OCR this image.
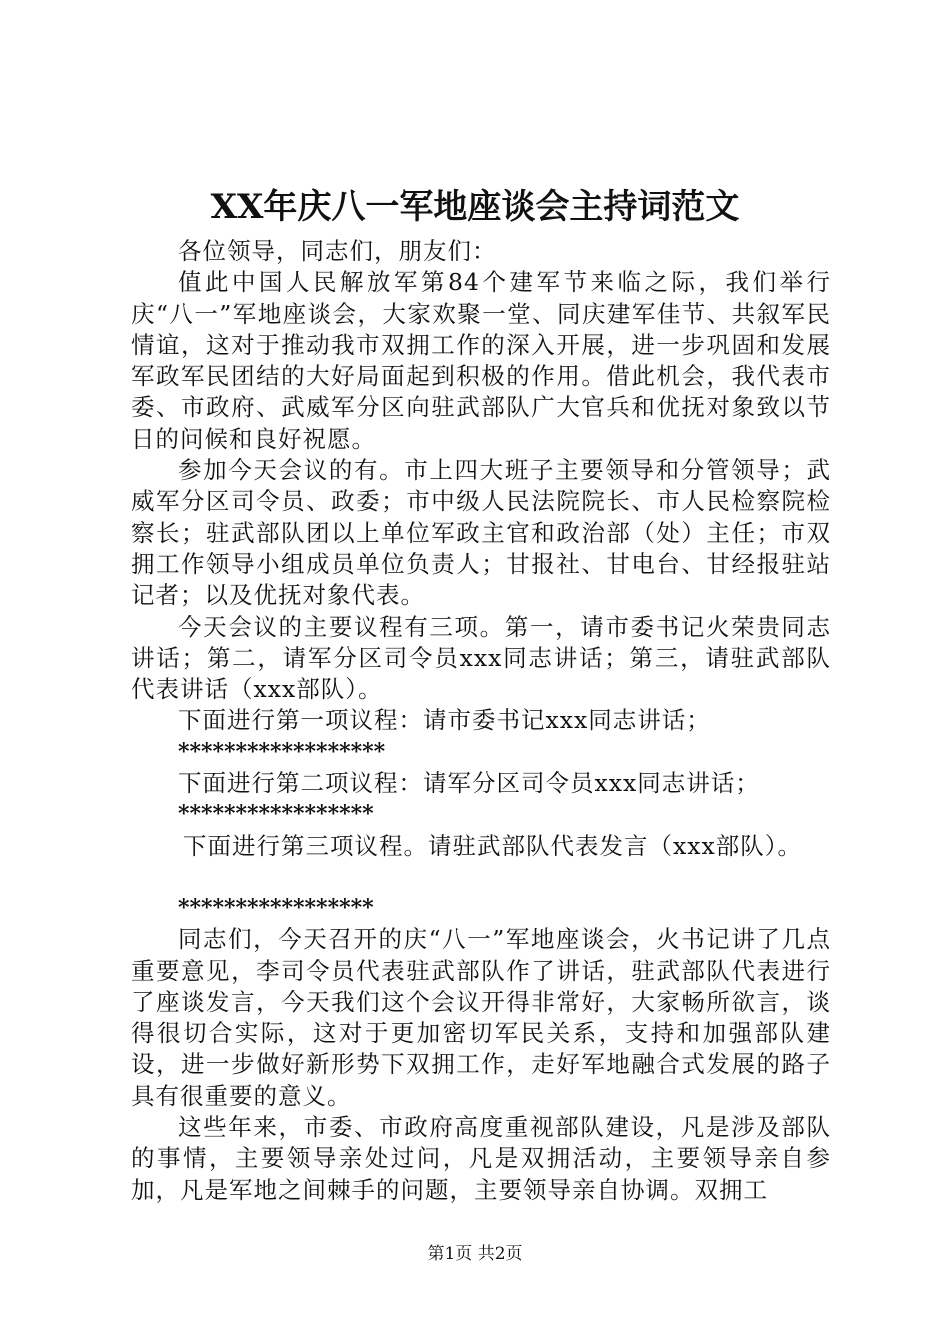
XX年庆八一军地座谈会主持词范文

各位领导，同志们，朋友们：

值此中国人民解放军第84个建军节来临之际，我们举行庆“八一”军地座谈会，大家欢聚一堂、同庆建军佳节、共叙军民情谊，这对于推动我市双拥工作的深入开展，进一步巩固和发展军政军民团结的大好局面起到积极的作用。借此机会，我代表市委、市政府、武威军分区向驻武部队广大官兵和优抚对象致以节日的问候和良好祝愿。

参加今天会议的有。市上四大班子主要领导和分管领导；武威军分区司令员、政委；市中级人民法院院长、市人民检察院检察长；驻武部队团以上单位军政主官和政治部（处）主任；市双拥工作领导小组成员单位负责人；甘报社、甘电台、甘经报驻站记者；以及优抚对象代表。

今天会议的主要议程有三项。第一，请市委书记火荣贵同志讲话；第二，请军分区司令员xxx同志讲话；第三，请驻武部队代表讲话（xxx部队）。

下面进行第一项议程：请市委书记xxx同志讲话；

******************

下面进行第二项议程：请军分区司令员xxx同志讲话；

*****************

下面进行第三项议程。请驻武部队代表发言（xxx部队）。

*****************

同志们，今天召开的庆“八一”军地座谈会，火书记讲了几点重要意见，李司令员代表驻武部队作了讲话，驻武部队代表进行了座谈发言，今天我们这个会议开得非常好，大家畅所欲言，谈得很切合实际，这对于更加密切军民关系，支持和加强部队建设，进一步做好新形势下双拥工作，走好军地融合式发展的路子具有很重要的意义。

这些年来，市委、市政府高度重视部队建设，凡是涉及部队的事情，主要领导亲处过问，凡是双拥活动，主要领导亲自参加，凡是军地之间棘手的问题，主要领导亲自协调。双拥工

第1页 共2页
